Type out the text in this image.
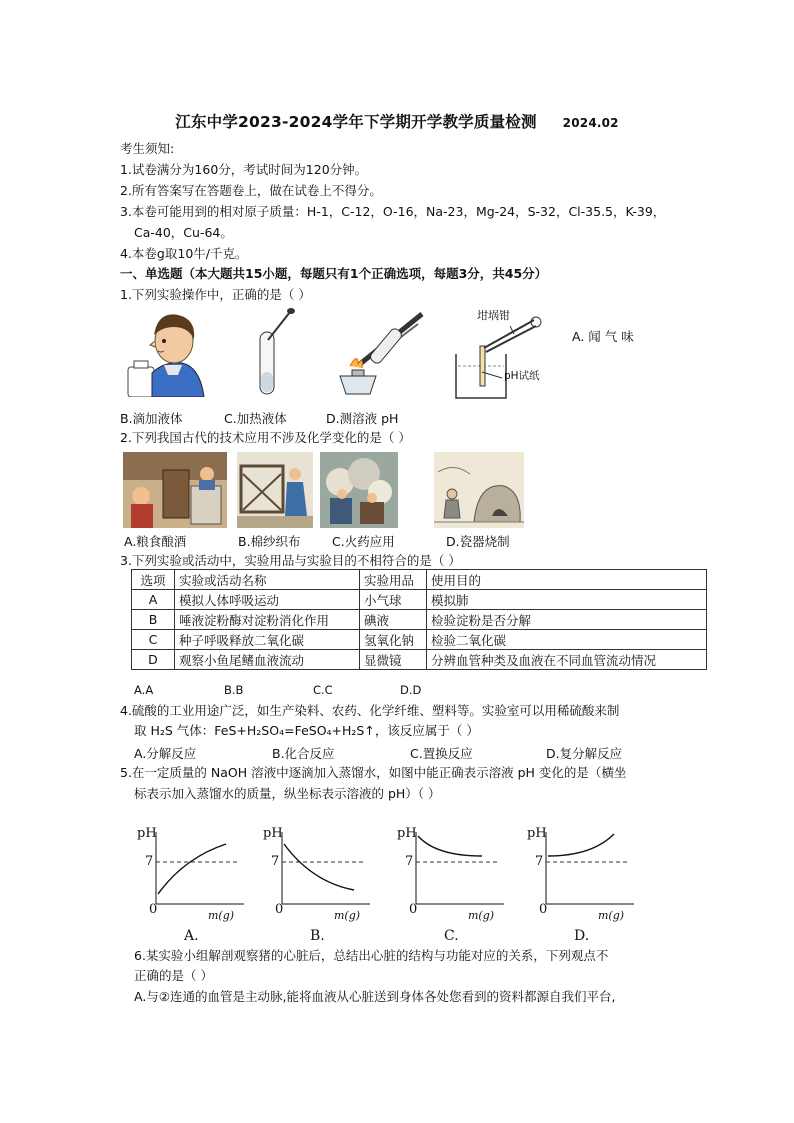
江东中学2023-2024学年下学期开学教学质量检测 2024.02
考生须知:
1.试卷满分为160分，考试时间为120分钟。
2.所有答案写在答题卷上，做在试卷上不得分。
3.本卷可能用到的相对原子质量：H-1，C-12，O-16，Na-23，Mg-24，S-32，Cl-35.5，K-39，
Ca-40，Cu-64。
4.本卷g取10牛/千克。
一、单选题（本大题共15小题，每题只有1个正确选项，每题3分，共45分）
1.下列实验操作中，正确的是（ ）
坩埚钳
pH试纸
A. 闻 气 味
B.滴加液体	C.加热液体	D.测溶液 pH
2.下列我国古代的技术应用不涉及化学变化的是（ ）
A.粮食酿酒	B.棉纱织布	C.火药应用	D.瓷器烧制
3.下列实验或活动中，实验用品与实验目的不相符合的是（ ）
选项	实验或活动名称	实验用品	使用目的
A	模拟人体呼吸运动	小气球	模拟肺
B	唾液淀粉酶对淀粉消化作用	碘液	检验淀粉是否分解
C	种子呼吸释放二氧化碳	氢氧化钠	检验二氧化碳
D	观察小鱼尾鳍血液流动	显微镜	分辨血管种类及血液在不同血管流动情况
A.A	B.B	C.C	D.D
4.硫酸的工业用途广泛，如生产染料、农药、化学纤维、塑料等。实验室可以用稀硫酸来制
取 H₂S 气体：FeS+H₂SO₄=FeSO₄+H₂S↑，该反应属于（ ）
A.分解反应	B.化合反应	C.置换反应	D.复分解反应
5.在一定质量的 NaOH 溶液中逐滴加入蒸馏水，如图中能正确表示溶液 pH 变化的是（横坐
标表示加入蒸馏水的质量，纵坐标表示溶液的 pH）（ ）
pH
7
0	m(g)
A.
pH
7
0	m(g)
B.
pH
7
0	m(g)
C.
pH
7
0	m(g)
D.
6.某实验小组解剖观察猪的心脏后，总结出心脏的结构与功能对应的关系，下列观点不
正确的是（ ）
A.与②连通的血管是主动脉,能将血液从心脏送到身体各处您看到的资料都源自我们平台,
